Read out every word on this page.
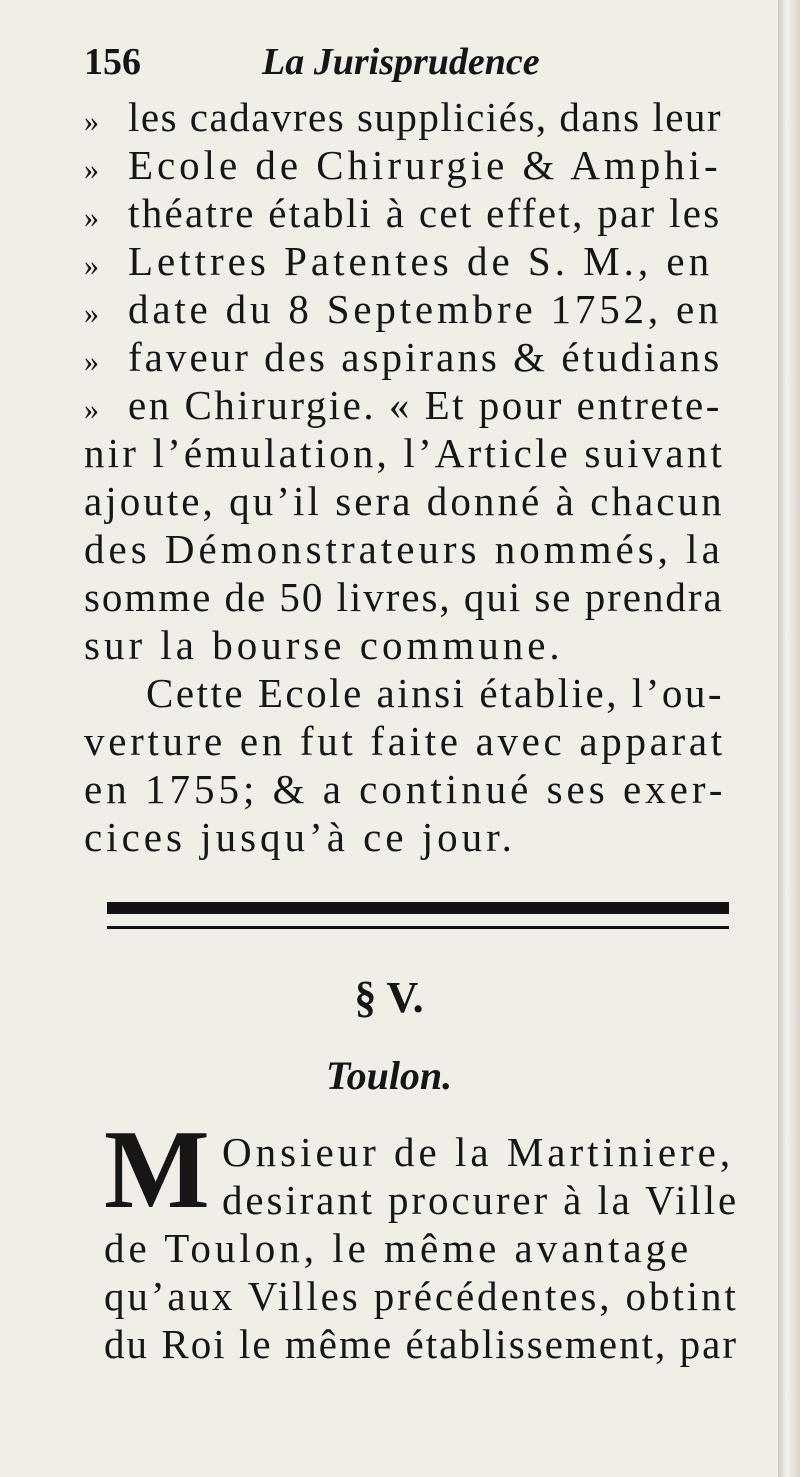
156	La Jurisprudence
» les cadavres suppliciés, dans leur
» Ecole de Chirurgie & Amphi-
» théatre établi à cet effet, par les
» Lettres Patentes de S. M., en
» date du 8 Septembre 1752, en
» faveur des aspirans & étudians
» en Chirurgie. « Et pour entrete-
nir l’émulation, l’Article suivant
ajoute, qu’il sera donné à chacun
des Démonstrateurs nommés, la
somme de 50 livres, qui se prendra
sur la bourse commune.
Cette Ecole ainsi établie, l’ou-
verture en fut faite avec apparat
en 1755; & a continué ses exer-
cices jusqu’à ce jour.
§ V.
Toulon.
M Onsieur de la Martiniere,
desirant procurer à la Ville
de Toulon, le même avantage
qu’aux Villes précédentes, obtint
du Roi le même établissement, par
